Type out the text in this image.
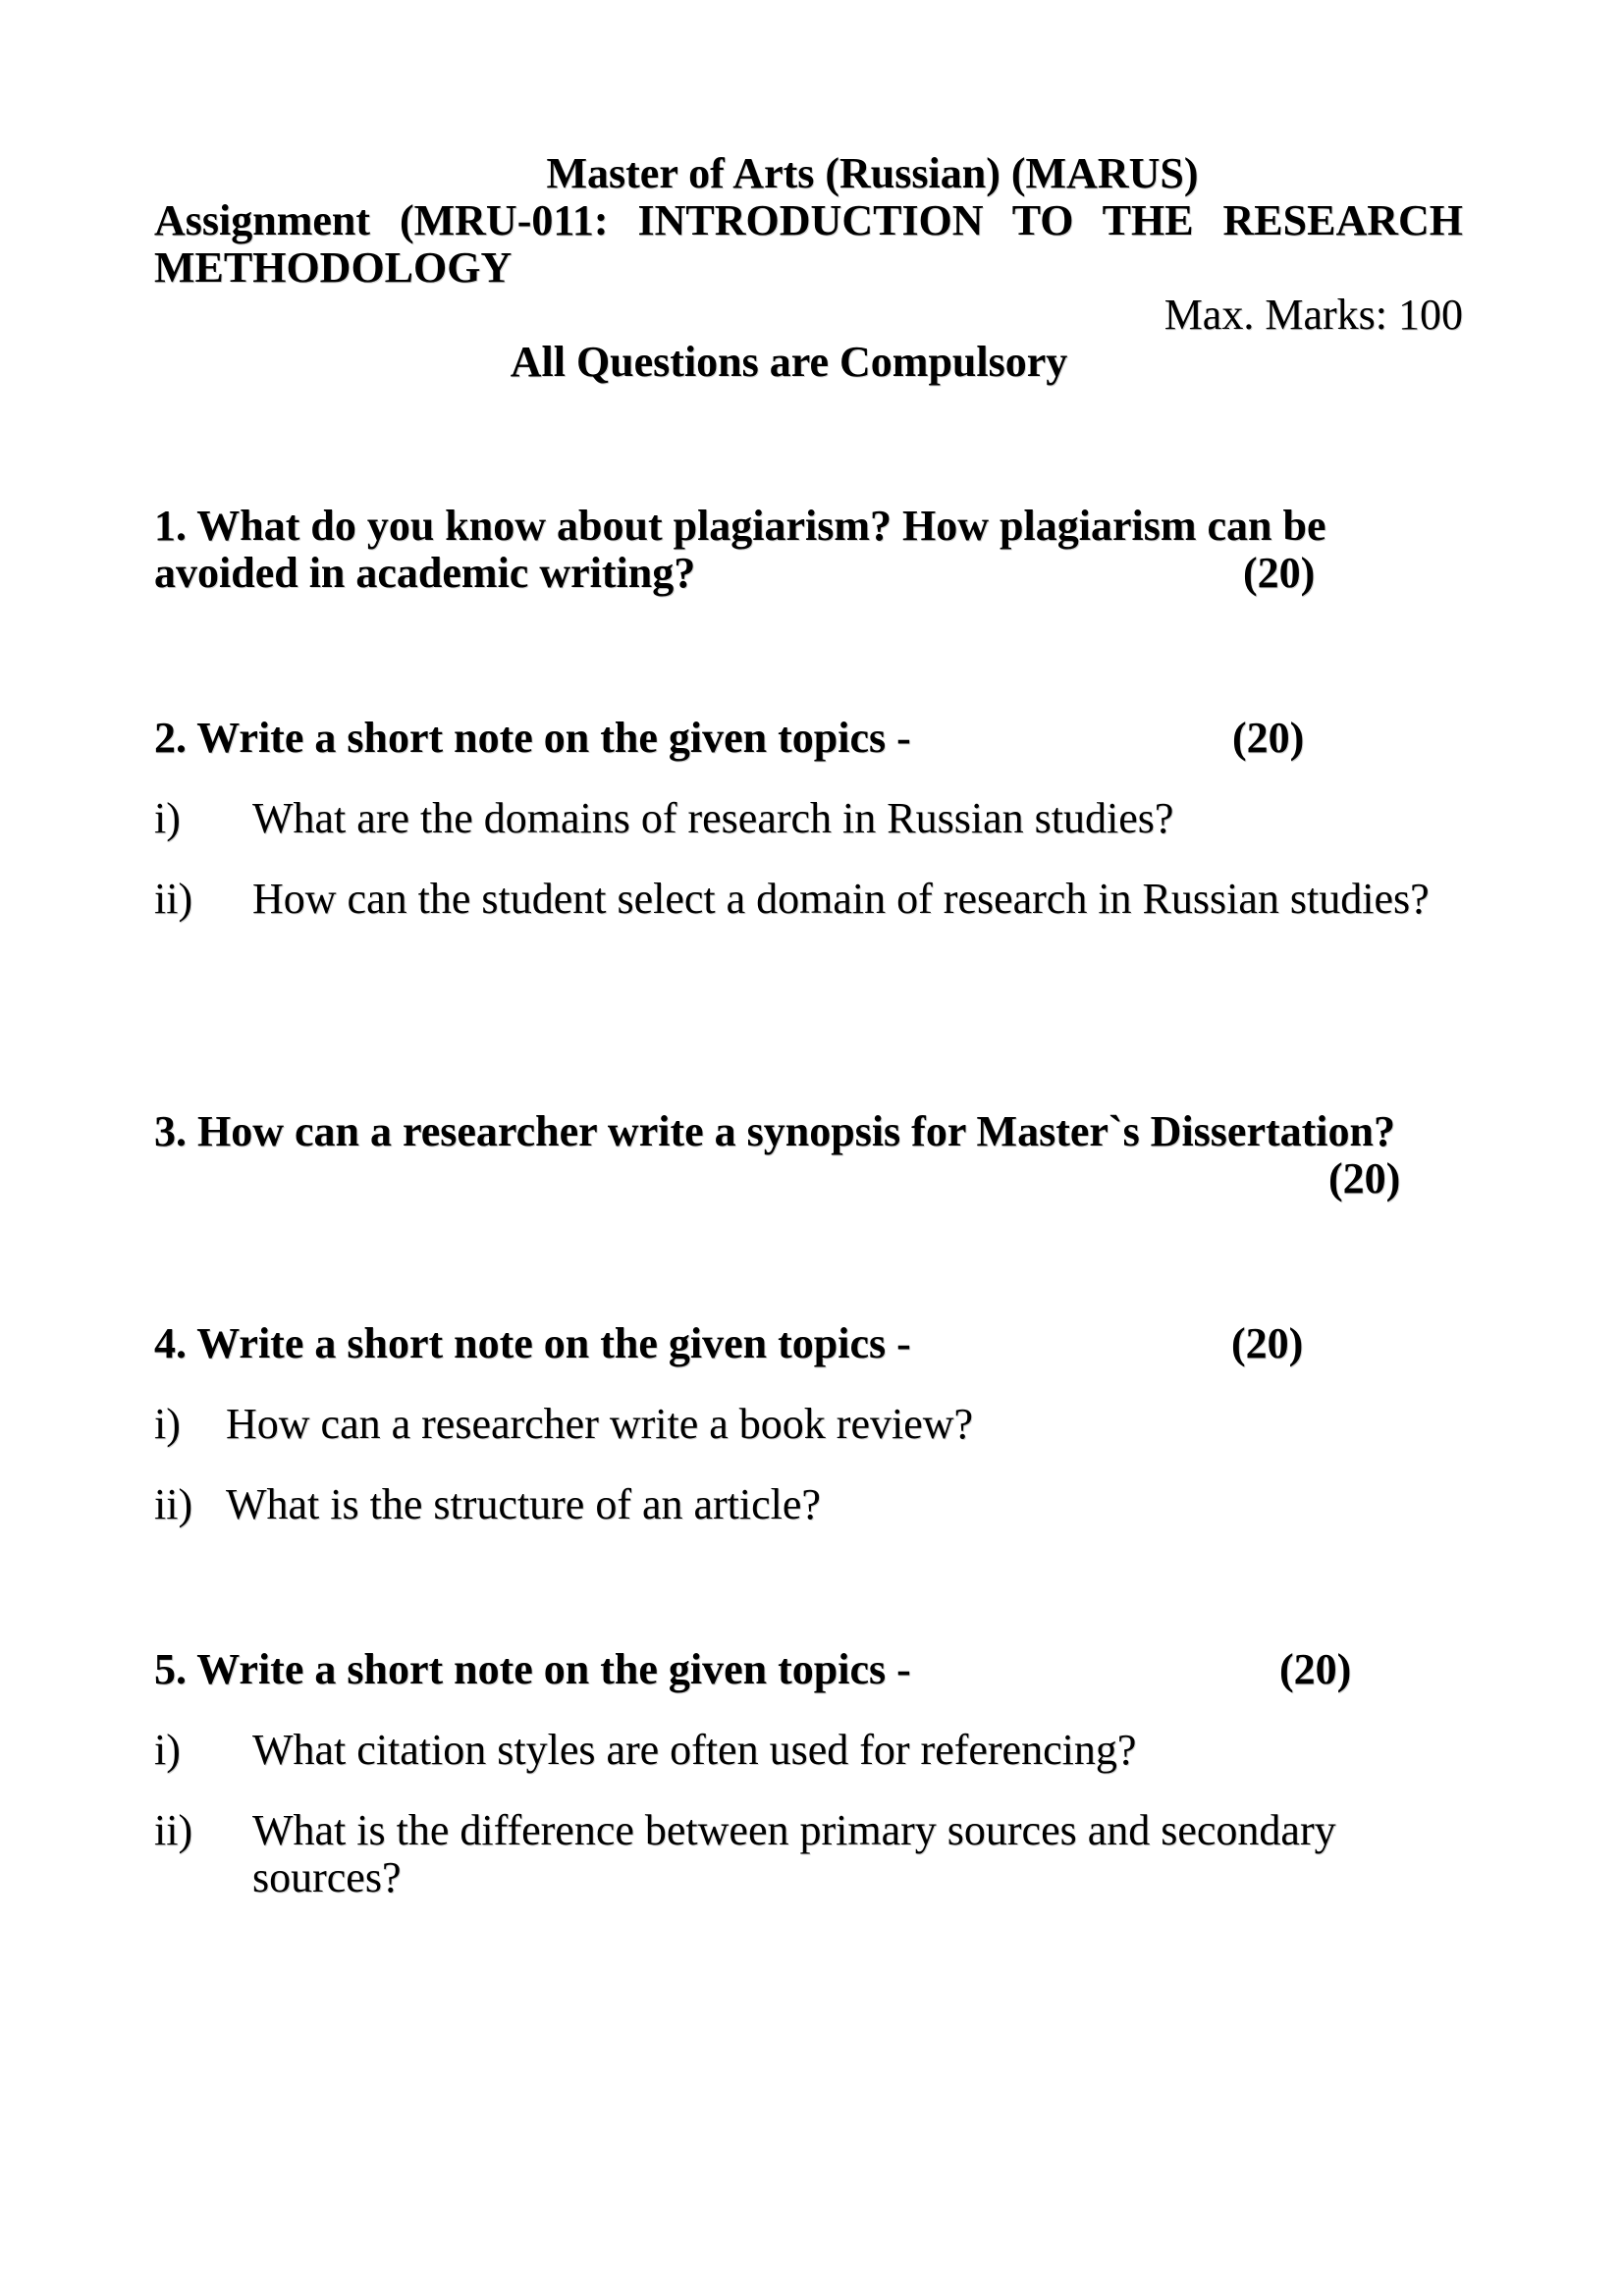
Master of Arts (Russian) (MARUS)

Assignment (MRU-011: INTRODUCTION TO THE RESEARCH METHODOLOGY

Max. Marks: 100

All Questions are Compulsory

1. What do you know about plagiarism? How plagiarism can be avoided in academic writing?	(20)
2. Write a short note on the given topics -	(20)
i)	What are the domains of research in Russian studies?
ii)	How can the student select a domain of research in Russian studies?
3. How can a researcher write a synopsis for Master`s Dissertation?
(20)
4. Write a short note on the given topics -	(20)
i)	How can a researcher write a book review?
ii) What is the structure of an article?
5. Write a short note on the given topics -	(20)
i)	What citation styles are often used for referencing?
ii)	What is the difference between primary sources and secondary sources?
